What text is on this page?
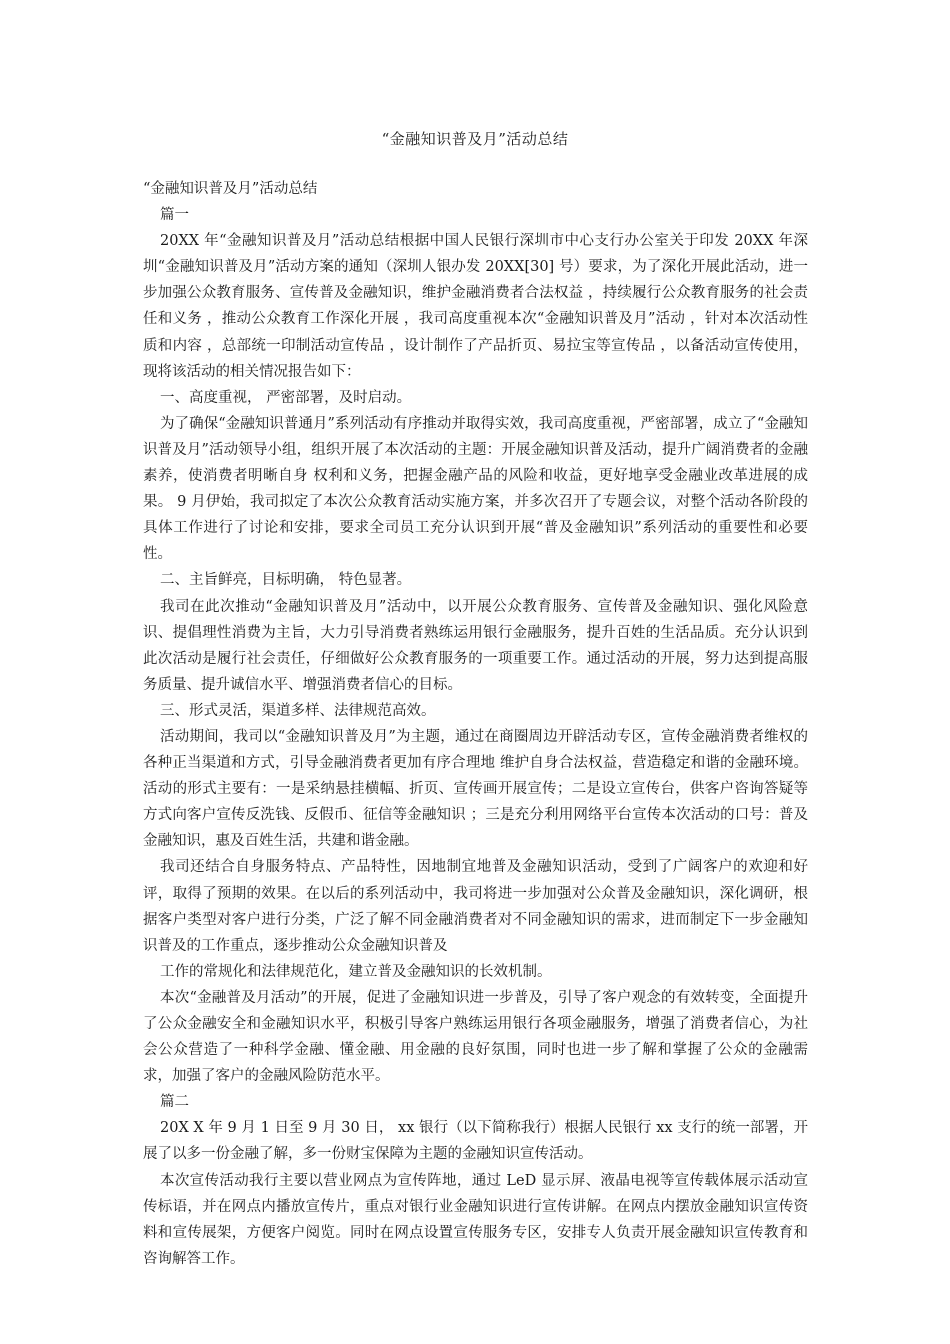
“金融知识普及月”活动总结

“金融知识普及月”活动总结

篇一

20XX 年“金融知识普及月”活动总结根据中国人民银行深圳市中心支行办公室关于印发 20XX 年深圳“金融知识普及月”活动方案的通知（深圳人银办发 20XX[30] 号）要求，为了深化开展此活动，进一步加强公众教育服务、宣传普及金融知识，维护金融消费者合法权益 ，持续履行公众教育服务的社会责任和义务 ，推动公众教育工作深化开展 ，我司高度重视本次“金融知识普及月”活动 ，针对本次活动性质和内容 ，总部统一印制活动宣传品 ，设计制作了产品折页、易拉宝等宣传品 ，以备活动宣传使用，现将该活动的相关情况报告如下：

一、高度重视， 严密部署，及时启动。

为了确保“金融知识普通月”系列活动有序推动并取得实效，我司高度重视，严密部署，成立了“金融知识普及月”活动领导小组，组织开展了本次活动的主题：开展金融知识普及活动，提升广阔消费者的金融素养，使消费者明晰自身 权利和义务，把握金融产品的风险和收益，更好地享受金融业改革进展的成果。 9 月伊始，我司拟定了本次公众教育活动实施方案，并多次召开了专题会议，对整个活动各阶段的具体工作进行了讨论和安排，要求全司员工充分认识到开展“普及金融知识”系列活动的重要性和必要性。

二、主旨鲜亮，目标明确， 特色显著。

我司在此次推动“金融知识普及月”活动中，以开展公众教育服务、宣传普及金融知识、强化风险意识、提倡理性消费为主旨，大力引导消费者熟练运用银行金融服务，提升百姓的生活品质。充分认识到此次活动是履行社会责任，仔细做好公众教育服务的一项重要工作。通过活动的开展，努力达到提高服务质量、提升诚信水平、增强消费者信心的目标。

三、形式灵活，渠道多样、法律规范高效。

活动期间，我司以“金融知识普及月”为主题，通过在商圈周边开辟活动专区，宣传金融消费者维权的各种正当渠道和方式，引导金融消费者更加有序合理地 维护自身合法权益，营造稳定和谐的金融环境。活动的形式主要有：一是采纳悬挂横幅、折页、宣传画开展宣传；二是设立宣传台，供客户咨询答疑等方式向客户宣传反洗钱、反假币、征信等金融知识 ；三是充分利用网络平台宣传本次活动的口号：普及金融知识，惠及百姓生活，共建和谐金融。

我司还结合自身服务特点、产品特性，因地制宜地普及金融知识活动，受到了广阔客户的欢迎和好评，取得了预期的效果。在以后的系列活动中，我司将进一步加强对公众普及金融知识，深化调研，根据客户类型对客户进行分类，广泛了解不同金融消费者对不同金融知识的需求，进而制定下一步金融知识普及的工作重点，逐步推动公众金融知识普及

工作的常规化和法律规范化，建立普及金融知识的长效机制。

本次“金融普及月活动”的开展，促进了金融知识进一步普及，引导了客户观念的有效转变，全面提升了公众金融安全和金融知识水平，积极引导客户熟练运用银行各项金融服务，增强了消费者信心，为社会公众营造了一种科学金融、懂金融、用金融的良好氛围，同时也进一步了解和掌握了公众的金融需求，加强了客户的金融风险防范水平。

篇二

20X X 年 9 月 1 日至 9 月 30 日， xx 银行（以下简称我行）根据人民银行 xx 支行的统一部署，开展了以多一份金融了解，多一份财宝保障为主题的金融知识宣传活动。

本次宣传活动我行主要以营业网点为宣传阵地，通过 LeD 显示屏、液晶电视等宣传载体展示活动宣传标语，并在网点内播放宣传片，重点对银行业金融知识进行宣传讲解。在网点内摆放金融知识宣传资料和宣传展架，方便客户阅览。同时在网点设置宣传服务专区，安排专人负责开展金融知识宣传教育和咨询解答工作。
